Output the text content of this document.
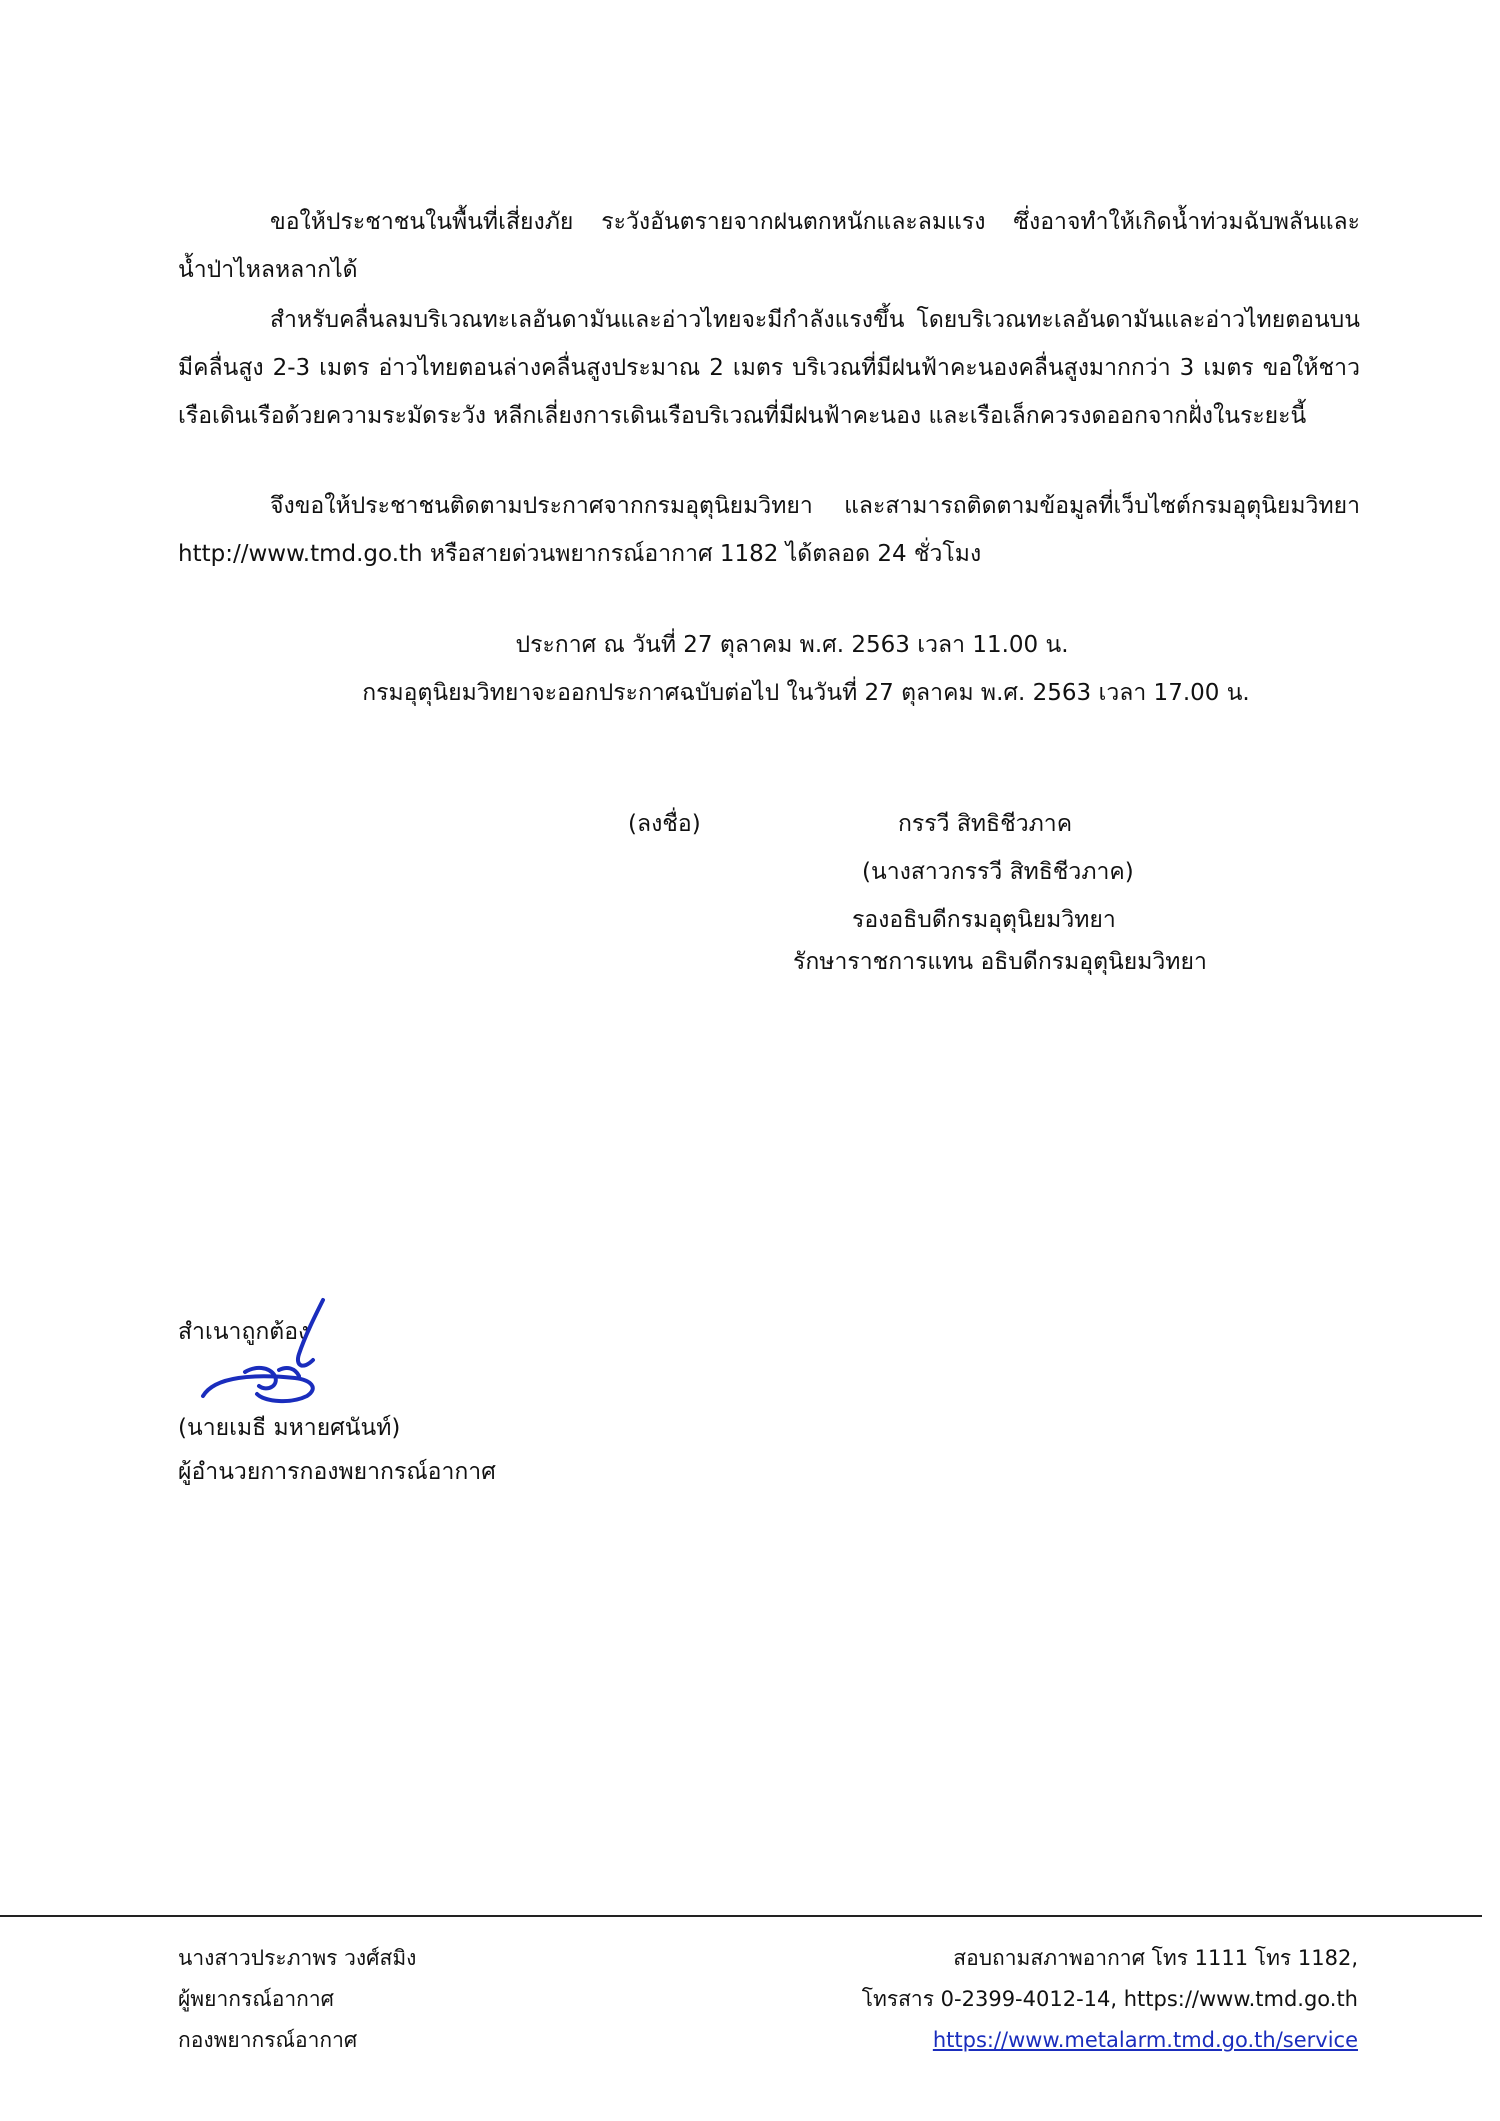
ขอให้ประชาชนในพื้นที่เสี่ยงภัย ระวังอันตรายจากฝนตกหนักและลมแรง ซึ่งอาจทำให้เกิดน้ำท่วมฉับพลันและน้ำป่าไหลหลากได้
สำหรับคลื่นลมบริเวณทะเลอันดามันและอ่าวไทยจะมีกำลังแรงขึ้น โดยบริเวณทะเลอันดามันและอ่าวไทยตอนบนมีคลื่นสูง 2-3 เมตร อ่าวไทยตอนล่างคลื่นสูงประมาณ 2 เมตร บริเวณที่มีฝนฟ้าคะนองคลื่นสูงมากกว่า 3 เมตร ขอให้ชาวเรือเดินเรือด้วยความระมัดระวัง หลีกเลี่ยงการเดินเรือบริเวณที่มีฝนฟ้าคะนอง และเรือเล็กควรงดออกจากฝั่งในระยะนี้
จึงขอให้ประชาชนติดตามประกาศจากกรมอุตุนิยมวิทยา และสามารถติดตามข้อมูลที่เว็บไซต์กรมอุตุนิยมวิทยา http://www.tmd.go.th หรือสายด่วนพยากรณ์อากาศ 1182 ได้ตลอด 24 ชั่วโมง
ประกาศ ณ วันที่ 27 ตุลาคม พ.ศ. 2563 เวลา 11.00 น.
กรมอุตุนิยมวิทยาจะออกประกาศฉบับต่อไป ในวันที่ 27 ตุลาคม พ.ศ. 2563 เวลา 17.00 น.
(ลงชื่อ)	กรรวี สิทธิชีวภาค
(นางสาวกรรวี สิทธิชีวภาค)
รองอธิบดีกรมอุตุนิยมวิทยา
รักษาราชการแทน อธิบดีกรมอุตุนิยมวิทยา
สำเนาถูกต้อง
(นายเมธี มหายศนันท์)
ผู้อำนวยการกองพยากรณ์อากาศ
นางสาวประภาพร วงศ์สมิง
ผู้พยากรณ์อากาศ
กองพยากรณ์อากาศ
สอบถามสภาพอากาศ โทร 1111 โทร 1182,
โทรสาร 0-2399-4012-14, https://www.tmd.go.th
https://www.metalarm.tmd.go.th/service
